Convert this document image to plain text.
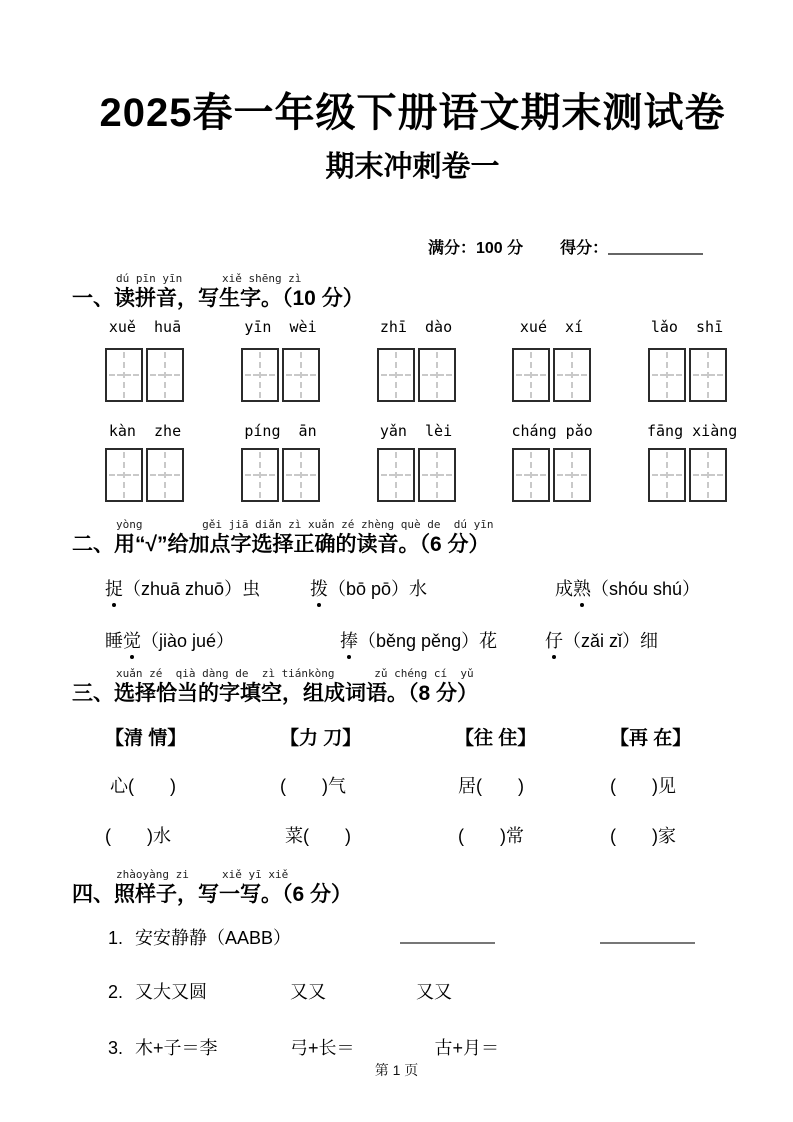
2025春一年级下册语文期末测试卷
期末冲刺卷一
满分：100 分 得分：
dú pīn yīn      xiě shēng zì
一、读拼音，写生字。（10 分）
xuě  huā	yīn  wèi	zhī  dào	xué  xí	lǎo  shī
kàn  zhe	píng  ān	yǎn  lèi	cháng pǎo	fāng xiàng
yòng         gěi jiā diǎn zì xuǎn zé zhèng què de  dú yīn
二、用“√”给加点字选择正确的读音。（6 分）
捉（zhuā zhuō）虫	拨（bō pō）水	成熟（shóu shú）
睡觉（jiào jué）	捧（běng pěng）花	仔（zǎi zǐ）细
xuǎn zé  qià dàng de  zì tiánkòng      zǔ chéng cí  yǔ
三、选择恰当的字填空，组成词语。（8 分）
【清 情】	【力 刀】	【往 住】	【再 在】
心(　　)	(　　)气	居(　　)	(　　)见
(　　)水	菜(　　)	(　　)常	(　　)家
zhàoyàng zi     xiě yī xiě
四、照样子，写一写。（6 分）
1. 安安静静（AABB）
2. 又大又圆	又又	又又
3. 木+子＝李	弓+长＝	古+月＝
第 1 页
